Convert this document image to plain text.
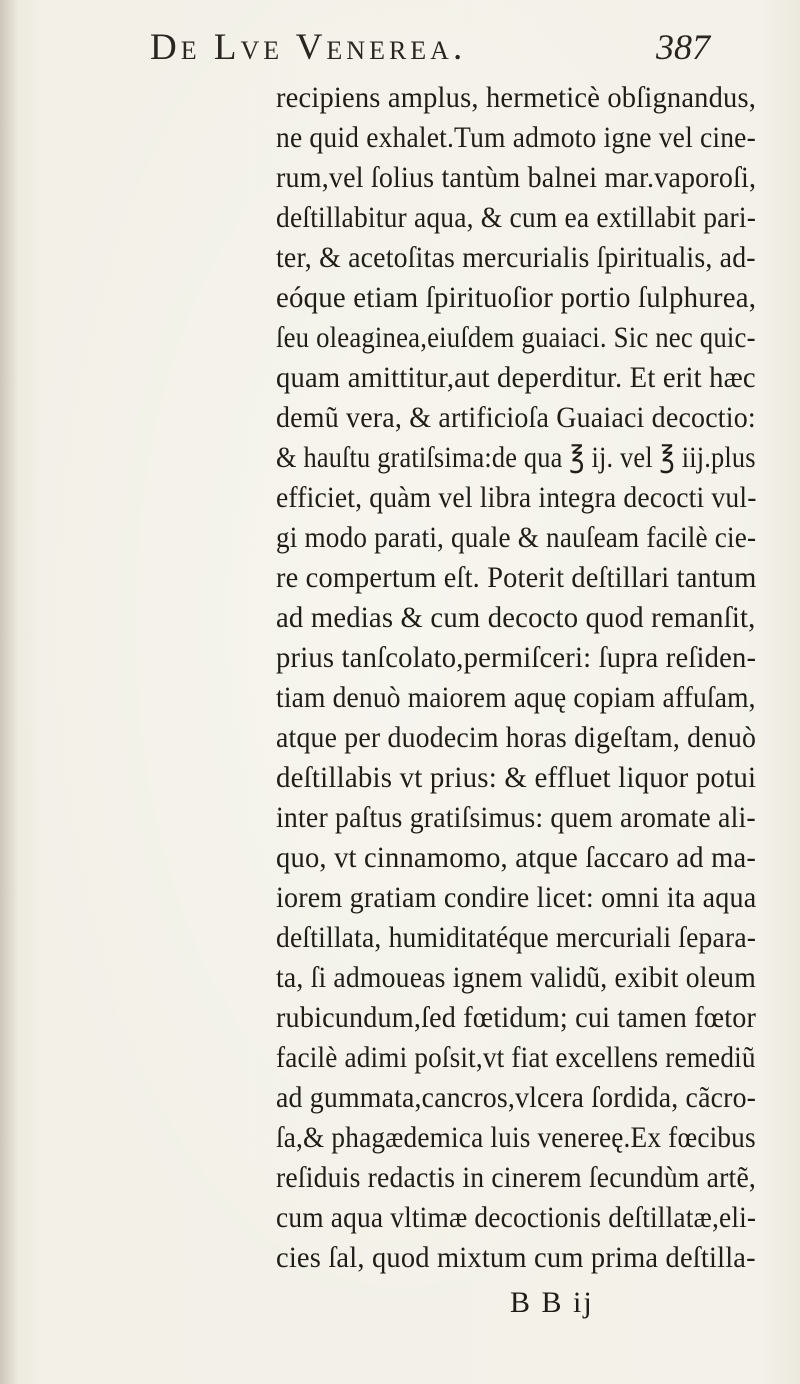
De Lve Venerea.	387
recipiens amplus, hermeticè obſignandus,
ne quid exhalet.Tum admoto igne vel cine-
rum,vel ſolius tantùm balnei mar.vaporoſi,
deſtillabitur aqua, & cum ea extillabit pari-
ter, & acetoſitas mercurialis ſpiritualis, ad-
eóque etiam ſpirituoſior portio ſulphurea,
ſeu oleaginea,eiuſdem guaiaci. Sic nec quic-
quam amittitur,aut deperditur. Et erit hæc
demũ vera, & artificioſa Guaiaci decoctio:
& hauſtu gratiſsima:de qua ℥ ij. vel ℥ iij.plus
efficiet, quàm vel libra integra decocti vul-
gi modo parati, quale & nauſeam facilè cie-
re compertum eſt. Poterit deſtillari tantum
ad medias & cum decocto quod remanſit,
prius tanſcolato,permiſceri: ſupra reſiden-
tiam denuò maiorem aquę copiam affuſam,
atque per duodecim horas digeſtam, denuò
deſtillabis vt prius: & effluet liquor potui
inter paſtus gratiſsimus: quem aromate ali-
quo, vt cinnamomo, atque ſaccaro ad ma-
iorem gratiam condire licet: omni ita aqua
deſtillata, humiditatéque mercuriali ſepara-
ta, ſi admoueas ignem validũ, exibit oleum
rubicundum,ſed fœtidum; cui tamen fœtor
facilè adimi poſsit,vt fiat excellens remediũ
ad gummata,cancros,vlcera ſordida, cãcro-
ſa,& phagædemica luis venereę.Ex fœcibus
reſiduis redactis in cinerem ſecundùm artẽ,
cum aqua vltimæ decoctionis deſtillatæ,eli-
cies ſal, quod mixtum cum prima deſtilla-
B B ij
